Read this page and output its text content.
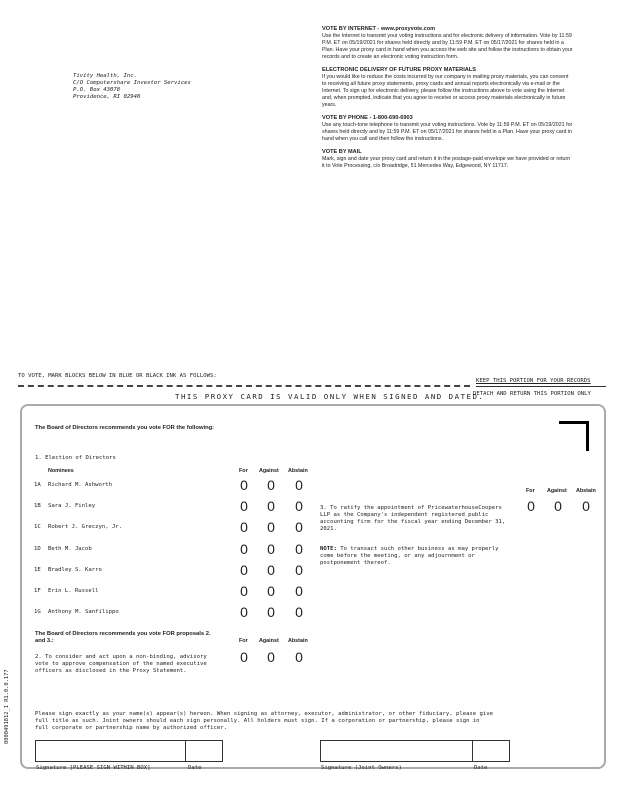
Tivity Health, Inc.
C/O Computershare Investor Services
P.O. Box 43078
Providence, RI 02940
VOTE BY INTERNET - www.proxyvote.com
Use the Internet to transmit your voting instructions and for electronic delivery of information. Vote by 11:59 P.M. ET on 05/19/2021 for shares held directly and by 11:59 P.M. ET on 05/17/2021 for shares held in a Plan. Have your proxy card in hand when you access the web site and follow the instructions to obtain your records and to create an electronic voting instruction form.
ELECTRONIC DELIVERY OF FUTURE PROXY MATERIALS
If you would like to reduce the costs incurred by our company in mailing proxy materials, you can consent to receiving all future proxy statements, proxy cards and annual reports electronically via e-mail or the Internet. To sign up for electronic delivery, please follow the instructions above to vote using the Internet and, when prompted, indicate that you agree to receive or access proxy materials electronically in future years.
VOTE BY PHONE - 1-800-690-6903
Use any touch-tone telephone to transmit your voting instructions. Vote by 11:59 P.M. ET on 05/19/2021 for shares held directly and by 11:59 P.M. ET on 05/17/2021 for shares held in a Plan. Have your proxy card in hand when you call and then follow the instructions.
VOTE BY MAIL
Mark, sign and date your proxy card and return it in the postage-paid envelope we have provided or return it to Vote Processing, c/o Broadridge, 51 Mercedes Way, Edgewood, NY 11717.
TO VOTE, MARK BLOCKS BELOW IN BLUE OR BLACK INK AS FOLLOWS:
KEEP THIS PORTION FOR YOUR RECORDS
THIS PROXY CARD IS VALID ONLY WHEN SIGNED AND DATED.
DETACH AND RETURN THIS PORTION ONLY
The Board of Directors recommends you vote FOR the following:
1. Election of Directors
Nominees	For Against Abstain
1A Richard M. Ashworth	0 0 0
1B Sara J. Finley	0 0 0
1C Robert J. Greczyn, Jr.	0 0 0
1D Beth M. Jacob	0 0 0
1E Bradley S. Karro	0 0 0
1F Erin L. Russell	0 0 0
1G Anthony M. Sanfilippo	0 0 0
The Board of Directors recommends you vote FOR proposals 2. and 3.:	For Against Abstain
2. To consider and act upon a non-binding, advisory vote to approve compensation of the named executive officers as disclosed in the Proxy Statement.
0 0 0
3. To ratify the appointment of PricewaterhouseCoopers LLP as the Company's independent registered public accounting firm for the fiscal year ending December 31, 2021.
For Against Abstain
0 0 0
NOTE: To transact such other business as may properly come before the meeting, or any adjournment or postponement thereof.
Please sign exactly as your name(s) appear(s) hereon. When signing as attorney, executor, administrator, or other fiduciary, please give full title as such. Joint owners should each sign personally. All holders must sign. If a corporation or partnership, please sign in full corporate or partnership name by authorized officer.
Signature [PLEASE SIGN WITHIN BOX]	Date	Signature (Joint Owners)	Date
0000491812_1 R1.0.0.177
